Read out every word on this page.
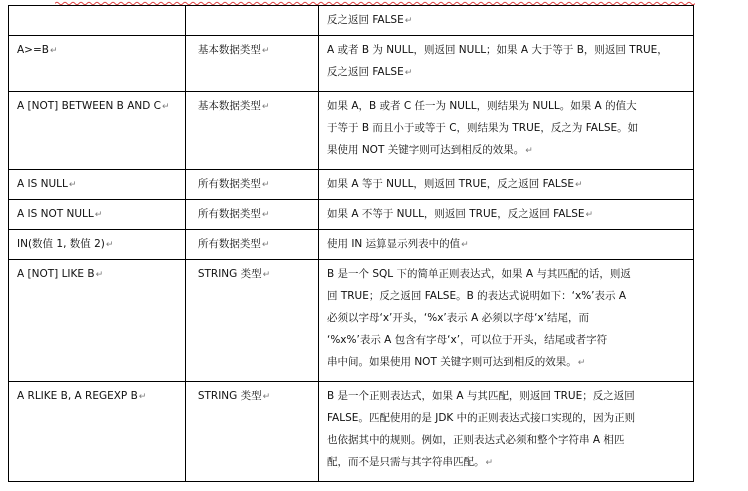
		反之返回 FALSE↵

A>=B↵	基本数据类型↵	A 或者 B 为 NULL，则返回 NULL；如果 A 大于等于 B，则返回 TRUE，
反之返回 FALSE↵

A [NOT] BETWEEN B AND C↵	基本数据类型↵	如果 A，B 或者 C 任一为 NULL，则结果为 NULL。如果 A 的值大
于等于 B 而且小于或等于 C，则结果为 TRUE，反之为 FALSE。如
果使用 NOT 关键字则可达到相反的效果。↵

A IS NULL↵	所有数据类型↵	如果 A 等于 NULL，则返回 TRUE，反之返回 FALSE↵

A IS NOT NULL↵	所有数据类型↵	如果 A 不等于 NULL，则返回 TRUE，反之返回 FALSE↵

IN(数值 1, 数值 2)↵	所有数据类型↵	使用 IN 运算显示列表中的值↵

A [NOT] LIKE B↵	STRING 类型↵	B 是一个 SQL 下的简单正则表达式，如果 A 与其匹配的话，则返
回 TRUE；反之返回 FALSE。B 的表达式说明如下：‘x%’表示 A
必须以字母‘x’开头，‘%x’表示 A 必须以字母‘x’结尾，而
‘%x%’表示 A 包含有字母‘x’，可以位于开头，结尾或者字符
串中间。如果使用 NOT 关键字则可达到相反的效果。↵

A RLIKE B, A REGEXP B↵	STRING 类型↵	B 是一个正则表达式，如果 A 与其匹配，则返回 TRUE；反之返回
FALSE。匹配使用的是 JDK 中的正则表达式接口实现的，因为正则
也依据其中的规则。例如，正则表达式必须和整个字符串 A 相匹
配，而不是只需与其字符串匹配。↵
